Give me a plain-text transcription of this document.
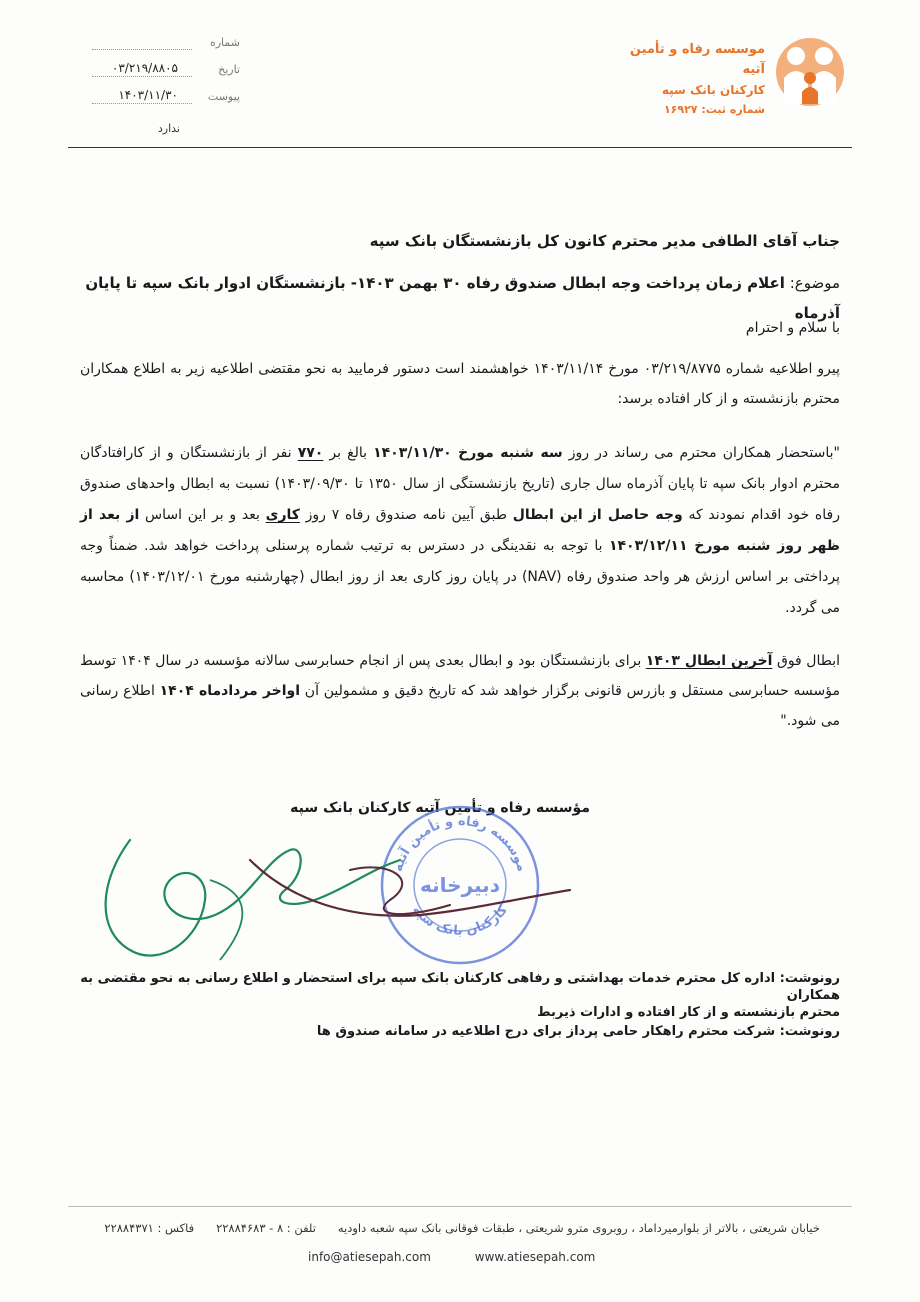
شماره
تاریخ
۰۳/۲۱۹/۸۸۰۵
پیوست
۱۴۰۳/۱۱/۳۰
ندارد
موسسه رفاه و تأمین آتیه
کارکنان بانک سپه
شماره ثبت: ۱۶۹۲۷
جناب آقای الطافی مدیر محترم کانون کل بازنشستگان بانک سپه
موضوع: اعلام زمان پرداخت وجه ابطال صندوق رفاه ۳۰ بهمن ۱۴۰۳- بازنشستگان ادوار بانک سپه تا پایان آذرماه
با سلام و احترام
پیرو اطلاعیه شماره ۰۳/۲۱۹/۸۷۷۵ مورخ ۱۴۰۳/۱۱/۱۴ خواهشمند است دستور فرمایید به نحو مقتضی اطلاعیه زیر به اطلاع همکاران محترم بازنشسته و از کار افتاده برسد:
"باستحضار همکاران محترم می رساند در روز سه شنبه مورخ ۱۴۰۳/۱۱/۳۰ بالغ بر ۷۷۰ نفر از بازنشستگان و از کارافتادگان محترم ادوار بانک سپه تا پایان آذرماه سال جاری (تاریخ بازنشستگی از سال ۱۳۵۰ تا ۱۴۰۳/۰۹/۳۰) نسبت به ابطال واحدهای صندوق رفاه خود اقدام نمودند که وجه حاصل از این ابطال طبق آیین نامه صندوق رفاه ۷ روز کاری بعد و بر این اساس از بعد از ظهر روز شنبه مورخ ۱۴۰۳/۱۲/۱۱ با توجه به نقدینگی در دسترس به ترتیب شماره پرسنلی پرداخت خواهد شد. ضمناً وجه پرداختی بر اساس ارزش هر واحد صندوق رفاه (NAV) در پایان روز کاری بعد از روز ابطال (چهارشنبه مورخ ۱۴۰۳/۱۲/۰۱) محاسبه می گردد.
ابطال فوق آخرین ابطال ۱۴۰۳ برای بازنشستگان بود و ابطال بعدی پس از انجام حسابرسی سالانه مؤسسه در سال ۱۴۰۴ توسط مؤسسه حسابرسی مستقل و بازرس قانونی برگزار خواهد شد که تاریخ دقیق و مشمولین آن اواخر مردادماه ۱۴۰۴ اطلاع رسانی می شود."
مؤسسه رفاه و تأمین آتیه کارکنان بانک سپه
موسسه رفاه و تأمین آتیه
کارکنان بانک سپه
دبیرخانه
رونوشت: اداره کل محترم خدمات بهداشتی و رفاهی کارکنان بانک سپه برای استحضار و اطلاع رسانی به نحو مقتضی به همکاران
محترم بازنشسته و از کار افتاده و ادارات ذیربط
رونوشت: شرکت محترم راهکار حامی پرداز برای درج اطلاعیه در سامانه صندوق ها
خیابان شریعتی ، بالاتر از بلوارمیرداماد ، روبروی مترو شریعتی ، طبقات فوقانی بانک سپه شعبه داودیه      تلفن : ۸ - ۲۲۸۸۴۶۸۳      فاکس : ۲۲۸۸۴۳۷۱
info@atiesepah.com	www.atiesepah.com
